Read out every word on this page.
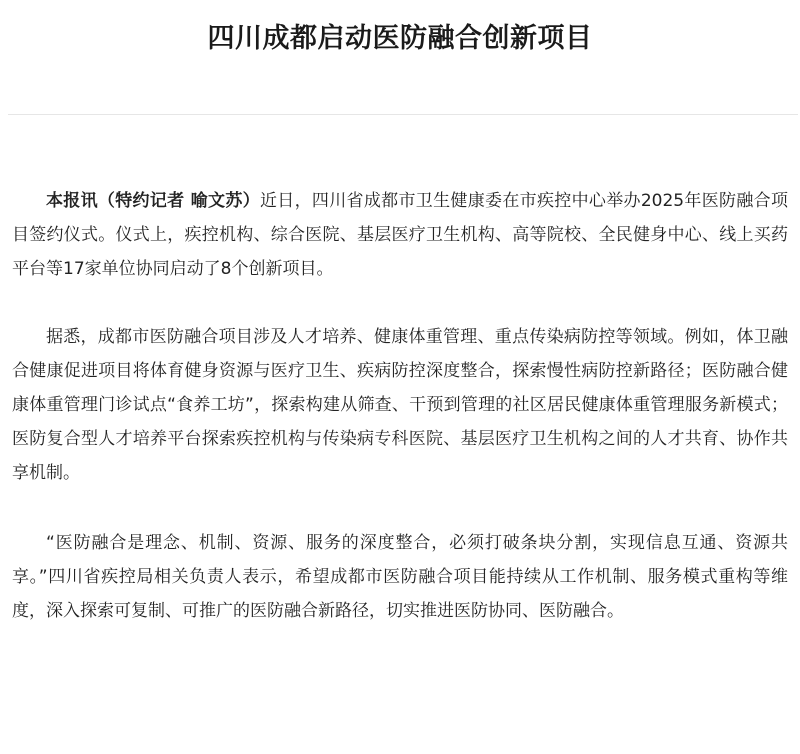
四川成都启动医防融合创新项目

本报讯（特约记者 喻文苏）近日，四川省成都市卫生健康委在市疾控中心举办2025年医防融合项目签约仪式。仪式上，疾控机构、综合医院、基层医疗卫生机构、高等院校、全民健身中心、线上买药平台等17家单位协同启动了8个创新项目。

据悉，成都市医防融合项目涉及人才培养、健康体重管理、重点传染病防控等领域。例如，体卫融合健康促进项目将体育健身资源与医疗卫生、疾病防控深度整合，探索慢性病防控新路径；医防融合健康体重管理门诊试点“食养工坊”，探索构建从筛查、干预到管理的社区居民健康体重管理服务新模式；医防复合型人才培养平台探索疾控机构与传染病专科医院、基层医疗卫生机构之间的人才共育、协作共享机制。

“医防融合是理念、机制、资源、服务的深度整合，必须打破条块分割，实现信息互通、资源共享。”四川省疾控局相关负责人表示，希望成都市医防融合项目能持续从工作机制、服务模式重构等维度，深入探索可复制、可推广的医防融合新路径，切实推进医防协同、医防融合。
